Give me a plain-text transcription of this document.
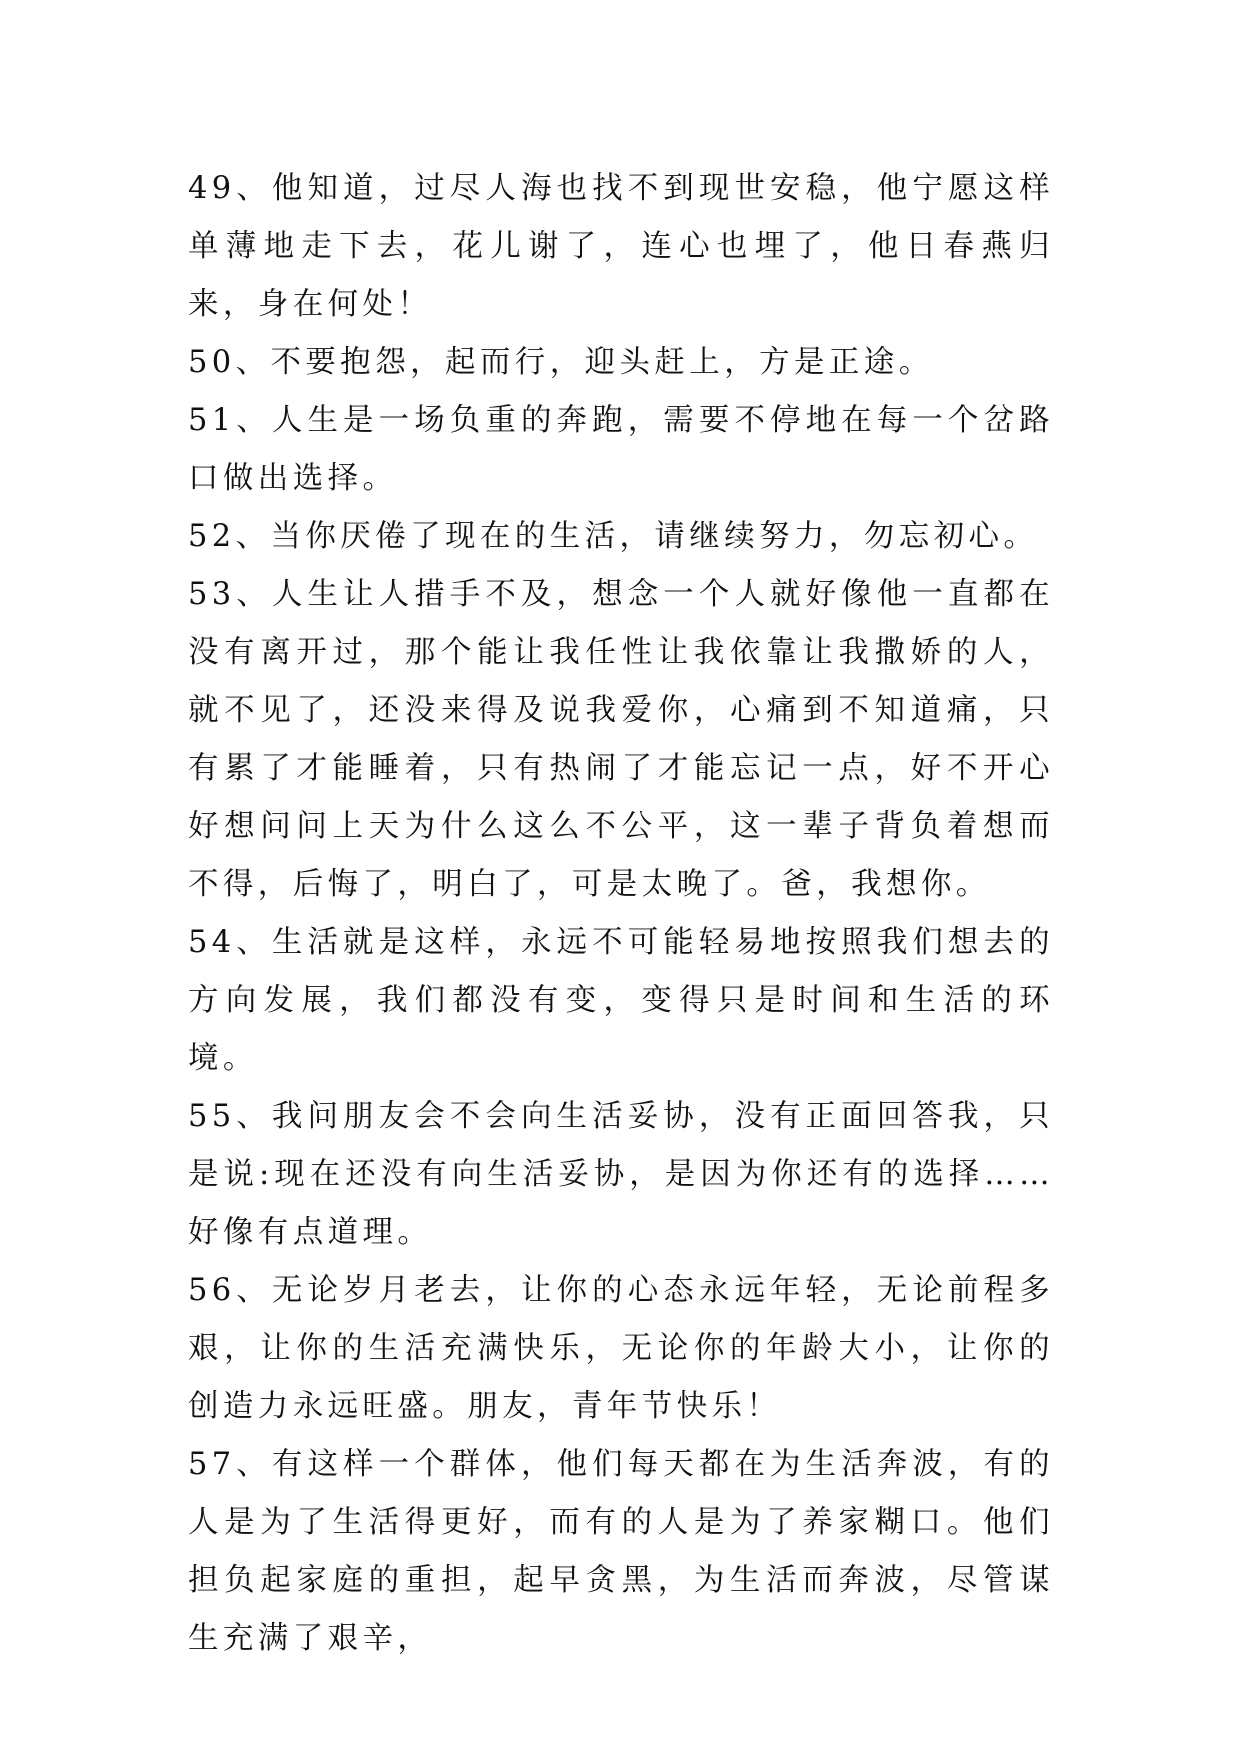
49、他知道，过尽人海也找不到现世安稳，他宁愿这样单薄地走下去，花儿谢了，连心也埋了，他日春燕归来，身在何处！

50、不要抱怨，起而行，迎头赶上，方是正途。

51、人生是一场负重的奔跑，需要不停地在每一个岔路口做出选择。

52、当你厌倦了现在的生活，请继续努力，勿忘初心。

53、人生让人措手不及，想念一个人就好像他一直都在没有离开过，那个能让我任性让我依靠让我撒娇的人，就不见了，还没来得及说我爱你，心痛到不知道痛，只有累了才能睡着，只有热闹了才能忘记一点，好不开心好想问问上天为什么这么不公平，这一辈子背负着想而不得，后悔了，明白了，可是太晚了。爸，我想你。

54、生活就是这样，永远不可能轻易地按照我们想去的方向发展，我们都没有变，变得只是时间和生活的环境。

55、我问朋友会不会向生活妥协，没有正面回答我，只是说:现在还没有向生活妥协，是因为你还有的选择……好像有点道理。

56、无论岁月老去，让你的心态永远年轻，无论前程多艰，让你的生活充满快乐，无论你的年龄大小，让你的创造力永远旺盛。朋友，青年节快乐！

57、有这样一个群体，他们每天都在为生活奔波，有的人是为了生活得更好，而有的人是为了养家糊口。他们担负起家庭的重担，起早贪黑，为生活而奔波，尽管谋生充满了艰辛，
